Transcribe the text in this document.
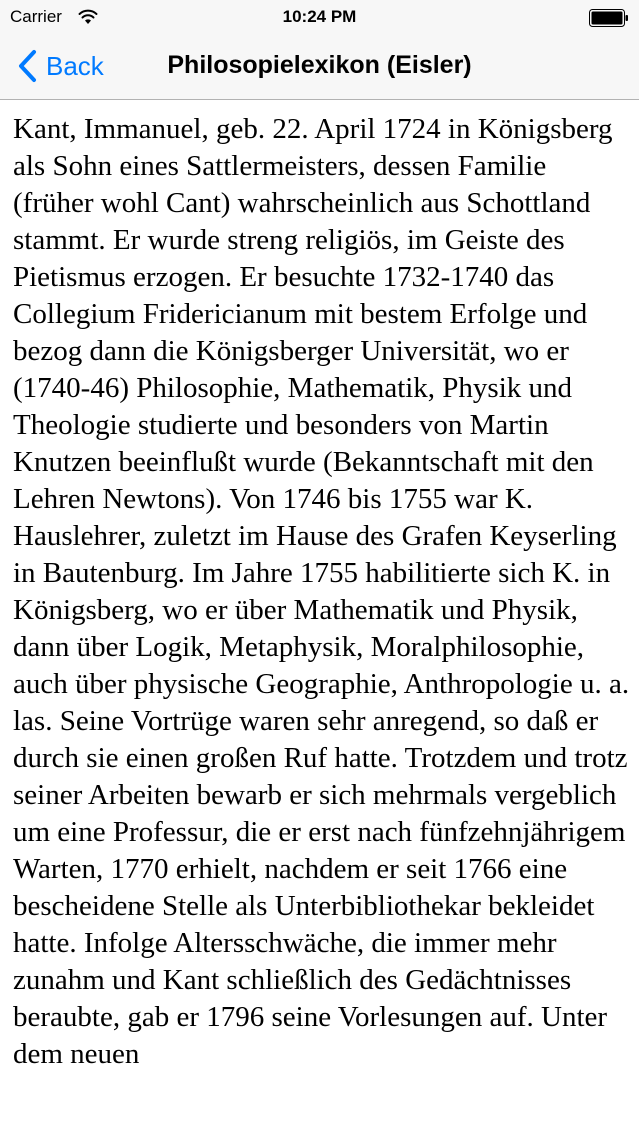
Carrier	10:24 PM
Back	Philosopielexikon (Eisler)

Kant, Immanuel, geb. 22. April 1724 in Königsberg als Sohn eines Sattlermeisters, dessen Familie (früher wohl Cant) wahrscheinlich aus Schottland stammt. Er wurde streng religiös, im Geiste des Pietismus erzogen. Er besuchte 1732-1740 das Collegium Fridericianum mit bestem Erfolge und bezog dann die Königsberger Universität, wo er (1740-46) Philosophie, Mathematik, Physik und Theologie studierte und besonders von Martin Knutzen beeinflußt wurde (Bekanntschaft mit den Lehren Newtons). Von 1746 bis 1755 war K. Hauslehrer, zuletzt im Hause des Grafen Keyserling in Bautenburg. Im Jahre 1755 habilitierte sich K. in Königsberg, wo er über Mathematik und Physik, dann über Logik, Metaphysik, Moralphilosophie, auch über physische Geographie, Anthropologie u. a. las. Seine Vortrüge waren sehr anregend, so daß er durch sie einen großen Ruf hatte. Trotzdem und trotz seiner Arbeiten bewarb er sich mehrmals vergeblich um eine Professur, die er erst nach fünfzehnjährigem Warten, 1770 erhielt, nachdem er seit 1766 eine bescheidene Stelle als Unterbibliothekar bekleidet hatte. Infolge Altersschwäche, die immer mehr zunahm und Kant schließlich des Gedächtnisses beraubte, gab er 1796 seine Vorlesungen auf. Unter dem neuen
